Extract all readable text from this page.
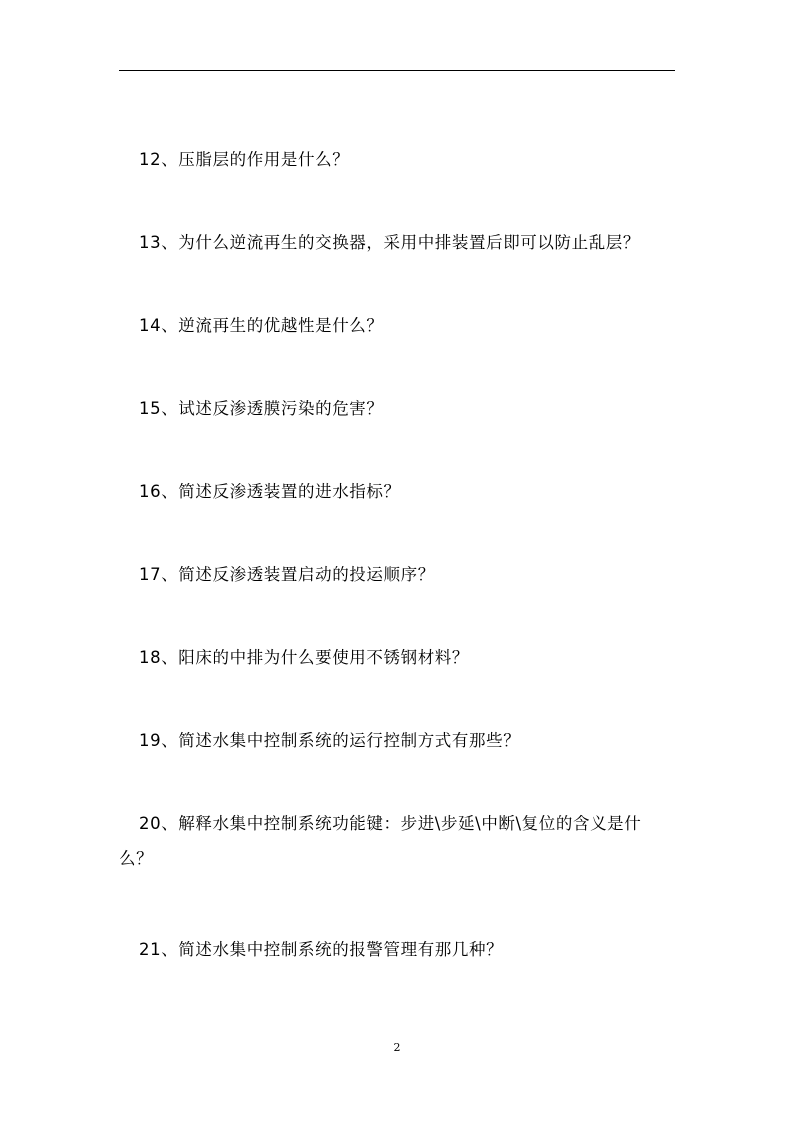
12、压脂层的作用是什么？

13、为什么逆流再生的交换器，采用中排装置后即可以防止乱层？

14、逆流再生的优越性是什么？

15、试述反渗透膜污染的危害？

16、简述反渗透装置的进水指标？

17、简述反渗透装置启动的投运顺序？

18、阳床的中排为什么要使用不锈钢材料？

19、简述水集中控制系统的运行控制方式有那些？

20、解释水集中控制系统功能键：步进\步延\中断\复位的含义是什么？

21、简述水集中控制系统的报警管理有那几种？

2
